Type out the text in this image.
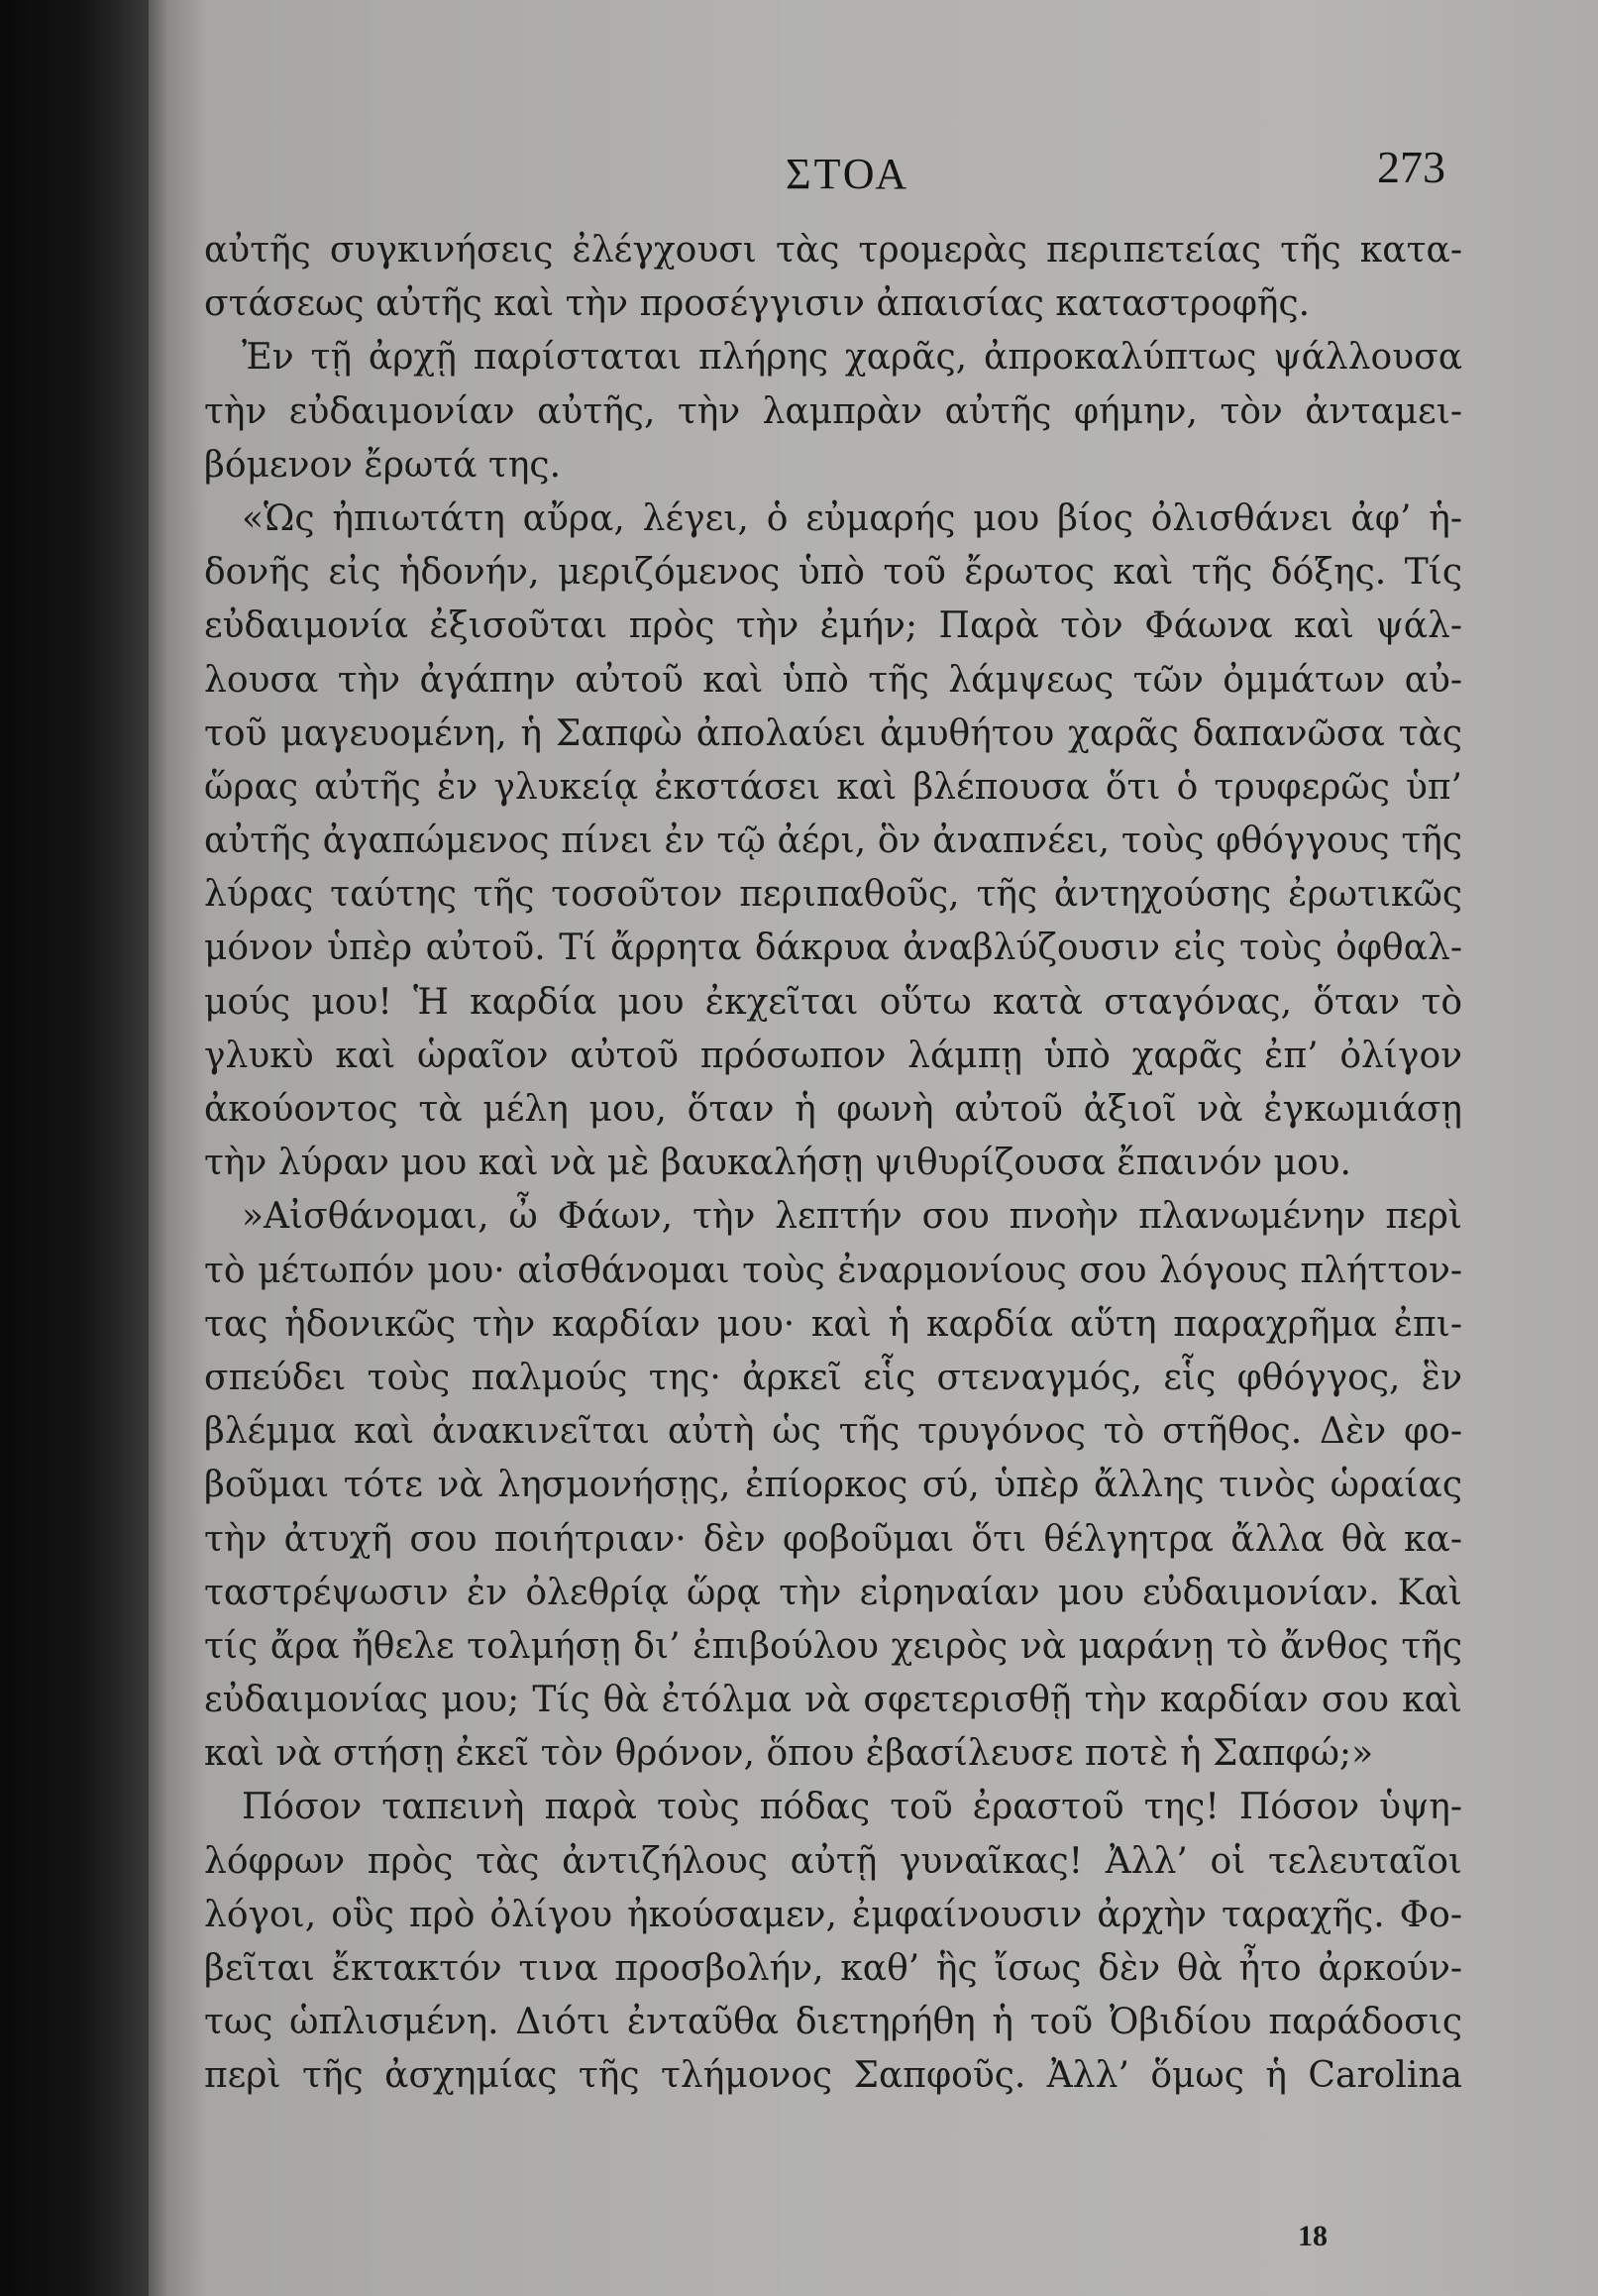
ΣΤΟΑ	273
αὐτῆς συγκινήσεις ἐλέγχουσι τὰς τρομερὰς περιπετείας τῆς κατα-
στάσεως αὐτῆς καὶ τὴν προσέγγισιν ἀπαισίας καταστροφῆς.
Ἐν τῇ ἀρχῇ παρίσταται πλήρης χαρᾶς, ἀπροκαλύπτως ψάλλουσα
τὴν εὐδαιμονίαν αὐτῆς, τὴν λαμπρὰν αὐτῆς φήμην, τὸν ἀνταμει-
βόμενον ἔρωτά της.
«Ὡς ἠπιωτάτη αὔρα, λέγει, ὁ εὐμαρής μου βίος ὀλισθάνει ἀφ’ ἡ-
δονῆς εἰς ἡδονήν, μεριζόμενος ὑπὸ τοῦ ἔρωτος καὶ τῆς δόξης. Τίς
εὐδαιμονία ἐξισοῦται πρὸς τὴν ἐμήν; Παρὰ τὸν Φάωνα καὶ ψάλ-
λουσα τὴν ἀγάπην αὐτοῦ καὶ ὑπὸ τῆς λάμψεως τῶν ὀμμάτων αὐ-
τοῦ μαγευομένη, ἡ Σαπφὼ ἀπολαύει ἀμυθήτου χαρᾶς δαπανῶσα τὰς
ὥρας αὐτῆς ἐν γλυκείᾳ ἐκστάσει καὶ βλέπουσα ὅτι ὁ τρυφερῶς ὑπ’
αὐτῆς ἀγαπώμενος πίνει ἐν τῷ ἀέρι, ὃν ἀναπνέει, τοὺς φθόγγους τῆς
λύρας ταύτης τῆς τοσοῦτον περιπαθοῦς, τῆς ἀντηχούσης ἐρωτικῶς
μόνον ὑπὲρ αὐτοῦ. Τί ἄρρητα δάκρυα ἀναβλύζουσιν εἰς τοὺς ὀφθαλ-
μούς μου! Ἡ καρδία μου ἐκχεῖται οὕτω κατὰ σταγόνας, ὅταν τὸ
γλυκὺ καὶ ὡραῖον αὐτοῦ πρόσωπον λάμπῃ ὑπὸ χαρᾶς ἐπ’ ὀλίγον
ἀκούοντος τὰ μέλη μου, ὅταν ἡ φωνὴ αὐτοῦ ἀξιοῖ νὰ ἐγκωμιάσῃ
τὴν λύραν μου καὶ νὰ μὲ βαυκαλήσῃ ψιθυρίζουσα ἔπαινόν μου.
»Αἰσθάνομαι, ὦ Φάων, τὴν λεπτήν σου πνοὴν πλανωμένην περὶ
τὸ μέτωπόν μου· αἰσθάνομαι τοὺς ἐναρμονίους σου λόγους πλήττον-
τας ἡδονικῶς τὴν καρδίαν μου· καὶ ἡ καρδία αὕτη παραχρῆμα ἐπι-
σπεύδει τοὺς παλμούς της· ἀρκεῖ εἷς στεναγμός, εἷς φθόγγος, ἓν
βλέμμα καὶ ἀνακινεῖται αὐτὴ ὡς τῆς τρυγόνος τὸ στῆθος. Δὲν φο-
βοῦμαι τότε νὰ λησμονήσῃς, ἐπίορκος σύ, ὑπὲρ ἄλλης τινὸς ὡραίας
τὴν ἀτυχῆ σου ποιήτριαν· δὲν φοβοῦμαι ὅτι θέλγητρα ἄλλα θὰ κα-
ταστρέψωσιν ἐν ὀλεθρίᾳ ὥρᾳ τὴν εἰρηναίαν μου εὐδαιμονίαν. Καὶ
τίς ἄρα ἤθελε τολμήσῃ δι’ ἐπιβούλου χειρὸς νὰ μαράνῃ τὸ ἄνθος τῆς
εὐδαιμονίας μου; Τίς θὰ ἐτόλμα νὰ σφετερισθῇ τὴν καρδίαν σου καὶ
καὶ νὰ στήσῃ ἐκεῖ τὸν θρόνον, ὅπου ἐβασίλευσε ποτὲ ἡ Σαπφώ;»
Πόσον ταπεινὴ παρὰ τοὺς πόδας τοῦ ἐραστοῦ της! Πόσον ὑψη-
λόφρων πρὸς τὰς ἀντιζήλους αὐτῇ γυναῖκας! Ἀλλ’ οἱ τελευταῖοι
λόγοι, οὓς πρὸ ὀλίγου ἠκούσαμεν, ἐμφαίνουσιν ἀρχὴν ταραχῆς. Φο-
βεῖται ἔκτακτόν τινα προσβολήν, καθ’ ἣς ἴσως δὲν θὰ ἦτο ἀρκούν-
τως ὡπλισμένη. Διότι ἐνταῦθα διετηρήθη ἡ τοῦ Ὀβιδίου παράδοσις
περὶ τῆς ἀσχημίας τῆς τλήμονος Σαπφοῦς. Ἀλλ’ ὅμως ἡ Carolina
18
